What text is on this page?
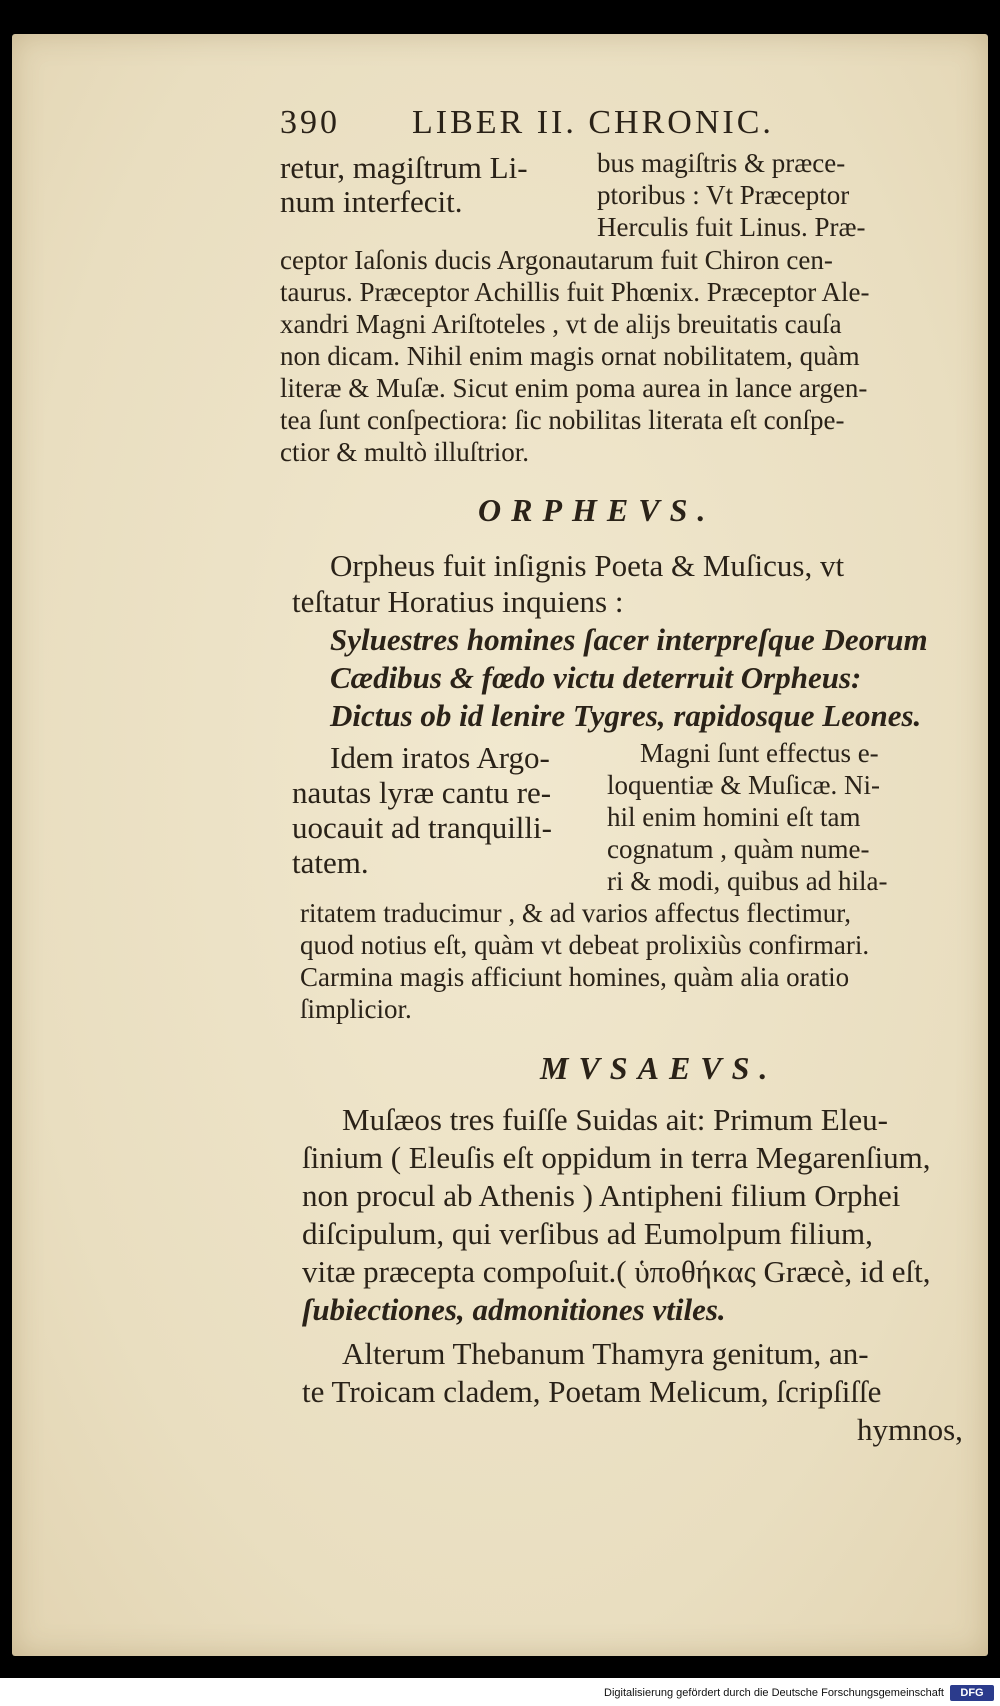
390 LIBER II. CHRONIC.
retur, magiſtrum Li-
num interfecit.
bus magiſtris & præce-
ptoribus : Vt Præceptor
Herculis fuit Linus. Præ-
ceptor Iaſonis ducis Argonautarum fuit Chiron cen-
taurus. Præceptor Achillis fuit Phœnix. Præceptor Ale-
xandri Magni Ariſtoteles , vt de alijs breuitatis cauſa
non dicam. Nihil enim magis ornat nobilitatem, quàm
literæ & Muſæ. Sicut enim poma aurea in lance argen-
tea ſunt conſpectiora: ſic nobilitas literata eſt conſpe-
ctior & multò illuſtrior.
ORPHEVS.
Orpheus fuit inſignis Poeta & Muſicus, vt
teſtatur Horatius inquiens :
Syluestres homines ſacer interpreſque Deorum
Cædibus & fœdo victu deterruit Orpheus:
Dictus ob id lenire Tygres, rapidosque Leones.
Idem iratos Argo-
nautas lyræ cantu re-
uocauit ad tranquilli-
tatem.
Magni ſunt effectus e-
loquentiæ & Muſicæ. Ni-
hil enim homini eſt tam
cognatum , quàm nume-
ri & modi, quibus ad hila-
ritatem traducimur , & ad varios affectus flectimur,
quod notius eſt, quàm vt debeat prolixiùs confirmari.
Carmina magis afficiunt homines, quàm alia oratio
ſimplicior.
MVSAEVS.
Muſæos tres fuiſſe Suidas ait: Primum Eleu-
ſinium ( Eleuſis eſt oppidum in terra Megarenſium,
non procul ab Athenis ) Antipheni filium Orphei
diſcipulum, qui verſibus ad Eumolpum filium,
vitæ præcepta compoſuit.( ὑποθήκας Græcè, id eſt,
ſubiectiones, admonitiones vtiles.
Alterum Thebanum Thamyra genitum, an-
te Troicam cladem, Poetam Melicum, ſcripſiſſe
hymnos,
Digitalisierung gefördert durch die Deutsche Forschungsgemeinschaft	DFG
